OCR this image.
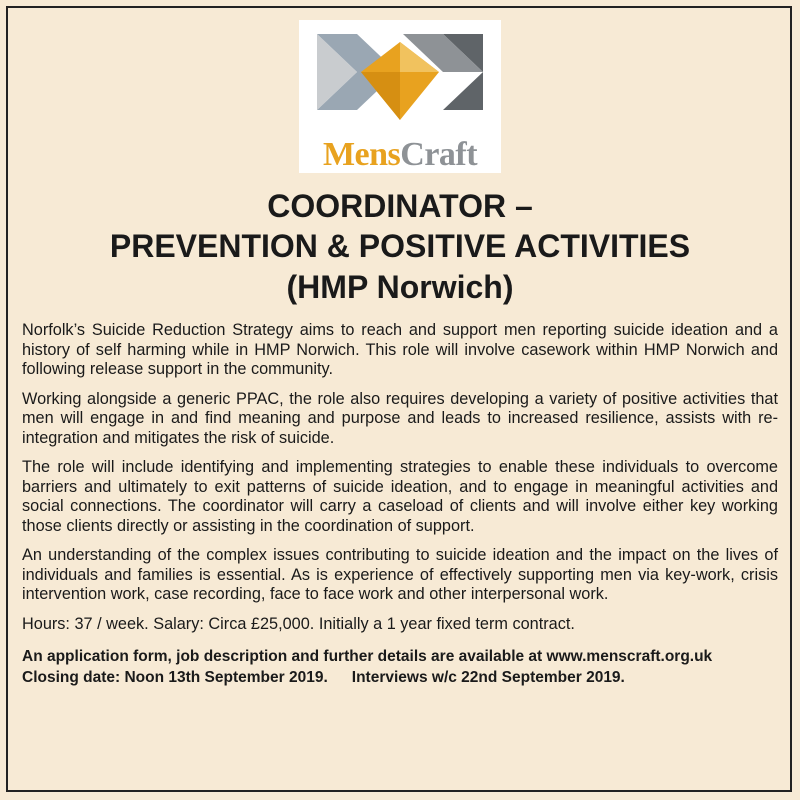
MensCraft
COORDINATOR –
PREVENTION & POSITIVE ACTIVITIES
(HMP Norwich)

Norfolk’s Suicide Reduction Strategy aims to reach and support men reporting suicide ideation and a history of self harming while in HMP Norwich. This role will involve casework within HMP Norwich and following release support in the community.

Working alongside a generic PPAC, the role also requires developing a variety of positive activities that men will engage in and find meaning and purpose and leads to increased resilience, assists with re-integration and mitigates the risk of suicide.

The role will include identifying and implementing strategies to enable these individuals to overcome barriers and ultimately to exit patterns of suicide ideation, and to engage in meaningful activities and social connections. The coordinator will carry a caseload of clients and will involve either key working those clients directly or assisting in the coordination of support.

An understanding of the complex issues contributing to suicide ideation and the impact on the lives of individuals and families is essential. As is experience of effectively supporting men via key-work, crisis intervention work, case recording, face to face work and other interpersonal work.

Hours: 37 / week. Salary: Circa £25,000. Initially a 1 year fixed term contract.

An application form, job description and further details are available at www.menscraft.org.uk

Closing date: Noon 13th September 2019. Interviews w/c 22nd September 2019.
